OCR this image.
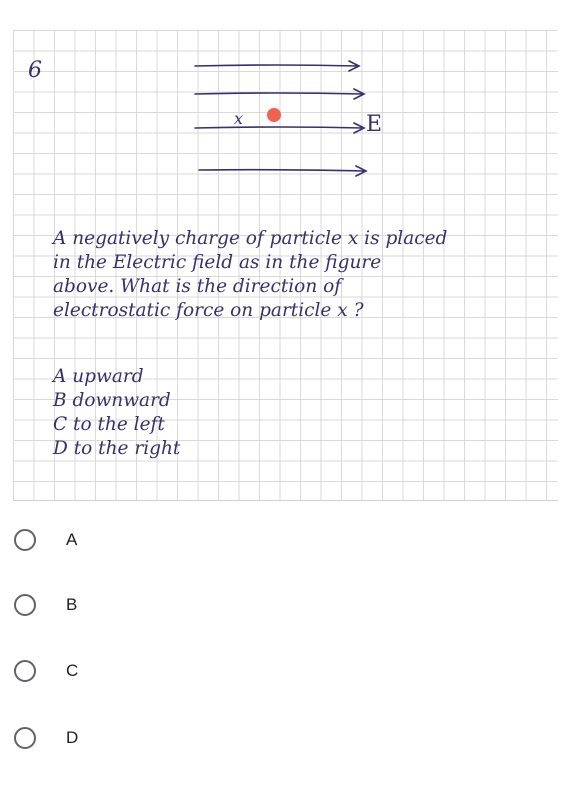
6
x	E
A negatively charge of particle x is placed
in the Electric field as in the figure
above. What is the direction of
electrostatic force on particle x ?
A upward
B downward
C to the left
D to the right
A
B
C
D
